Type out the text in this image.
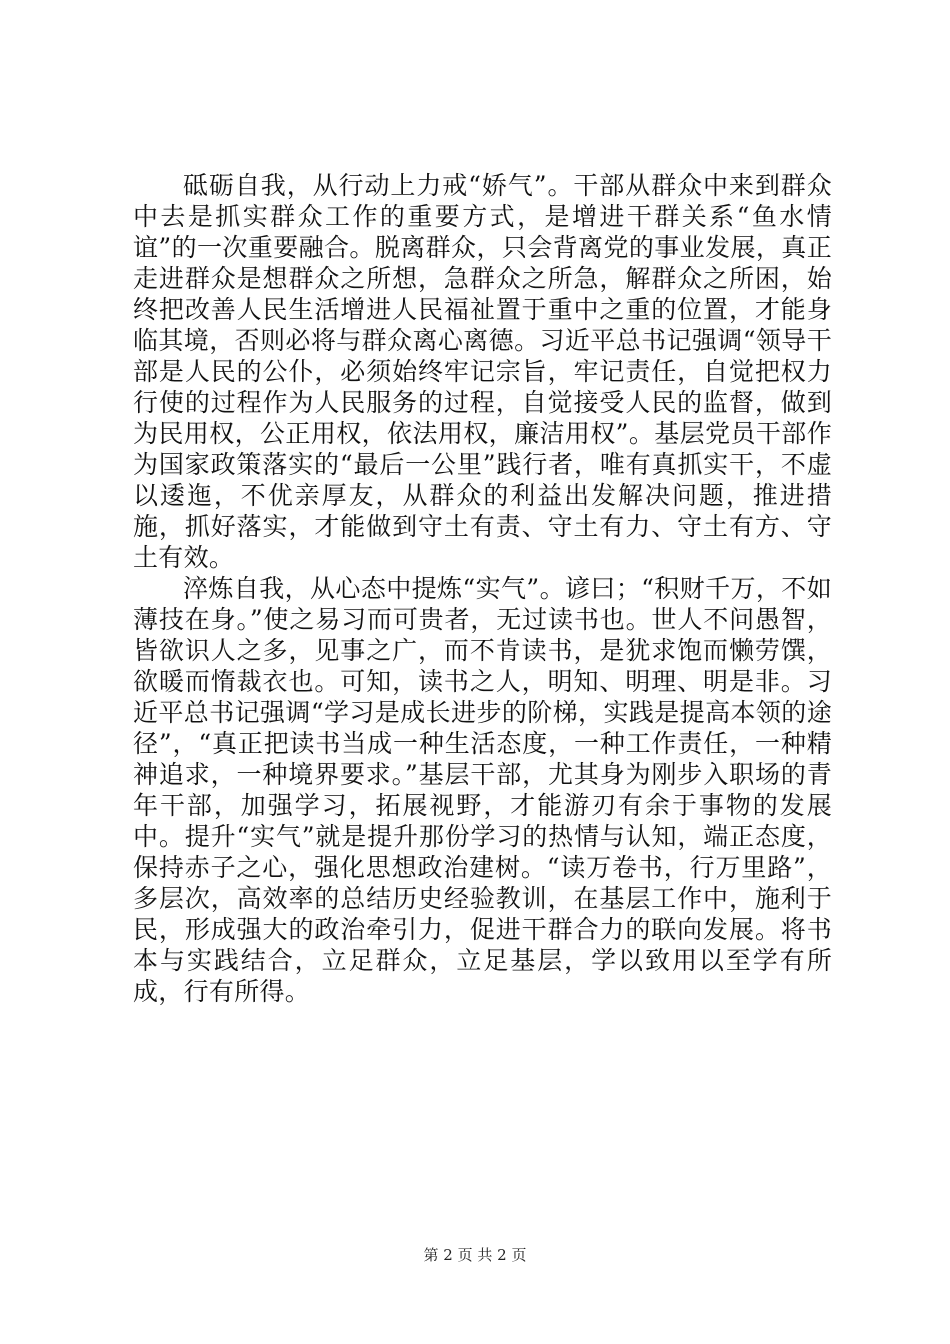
砥砺自我，从行动上力戒“娇气”。干部从群众中来到群众中去是抓实群众工作的重要方式，是增进干群关系“鱼水情谊”的一次重要融合。脱离群众，只会背离党的事业发展，真正走进群众是想群众之所想，急群众之所急，解群众之所困，始终把改善人民生活增进人民福祉置于重中之重的位置，才能身临其境，否则必将与群众离心离德。习近平总书记强调“领导干部是人民的公仆，必须始终牢记宗旨，牢记责任，自觉把权力行使的过程作为人民服务的过程，自觉接受人民的监督，做到为民用权，公正用权，依法用权，廉洁用权”。基层党员干部作为国家政策落实的“最后一公里”践行者，唯有真抓实干，不虚以逶迤，不优亲厚友，从群众的利益出发解决问题，推进措施，抓好落实，才能做到守土有责、守土有力、守土有方、守土有效。

淬炼自我，从心态中提炼“实气”。谚曰；“积财千万，不如薄技在身。”使之易习而可贵者，无过读书也。世人不问愚智，皆欲识人之多，见事之广，而不肯读书，是犹求饱而懒劳馔，欲暖而惰裁衣也。可知，读书之人，明知、明理、明是非。习近平总书记强调“学习是成长进步的阶梯，实践是提高本领的途径”，“真正把读书当成一种生活态度，一种工作责任，一种精神追求，一种境界要求。”基层干部，尤其身为刚步入职场的青年干部，加强学习，拓展视野，才能游刃有余于事物的发展中。提升“实气”就是提升那份学习的热情与认知，端正态度，保持赤子之心，强化思想政治建树。“读万卷书，行万里路”，多层次，高效率的总结历史经验教训，在基层工作中，施利于民，形成强大的政治牵引力，促进干群合力的联向发展。将书本与实践结合，立足群众，立足基层，学以致用以至学有所成，行有所得。

第 2 页 共 2 页
